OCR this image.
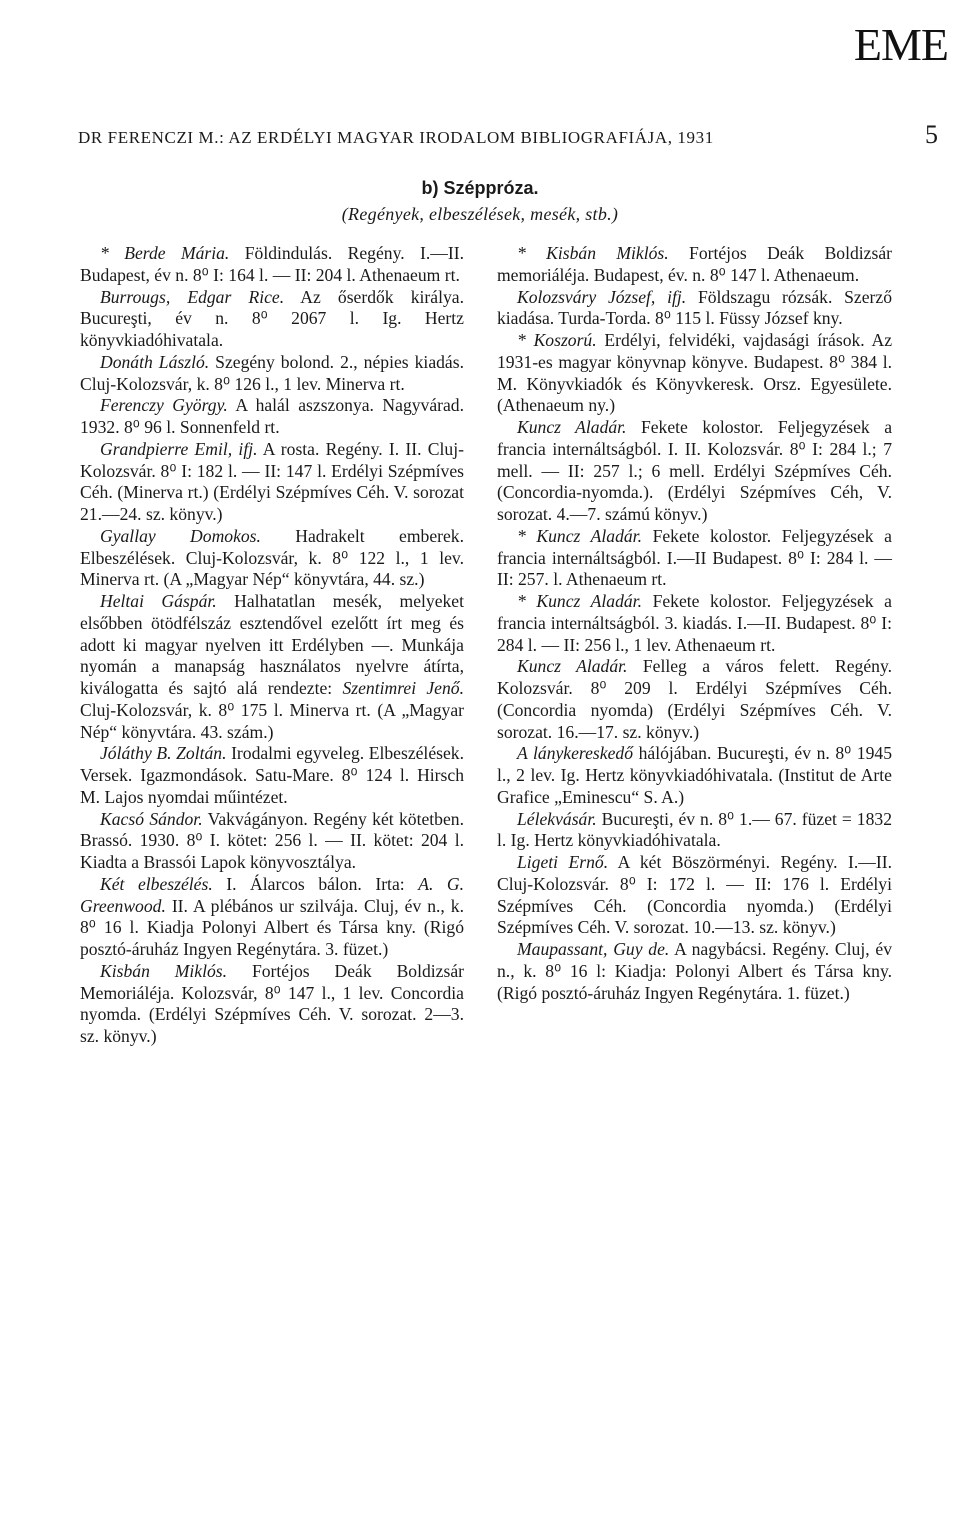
EME
DR FERENCZI M.: AZ ERDÉLYI MAGYAR IRODALOM BIBLIOGRAFIÁJA, 1931	5
b) Széppróza.
(Regények, elbeszélések, mesék, stb.)

* Berde Mária. Földindulás. Regény. I.—II. Budapest, év n. 8⁰ I: 164 l. — II: 204 l. Athenaeum rt.

Burrougs, Edgar Rice. Az őserdők királya. Bucureşti, év n. 8⁰ 2067 l. Ig. Hertz könyvkiadóhivatala.

Donáth László. Szegény bolond. 2., népies kiadás. Cluj-Kolozsvár, k. 8⁰ 126 l., 1 lev. Minerva rt.

Ferenczy György. A halál aszszonya. Nagyvárad. 1932. 8⁰ 96 l. Sonnenfeld rt.

Grandpierre Emil, ifj. A rosta. Regény. I. II. Cluj-Kolozsvár. 8⁰ I: 182 l. — II: 147 l. Erdélyi Szépmíves Céh. (Minerva rt.) (Erdélyi Szépmíves Céh. V. sorozat 21.—24. sz. könyv.)

Gyallay Domokos. Hadrakelt emberek. Elbeszélések. Cluj-Kolozsvár, k. 8⁰ 122 l., 1 lev. Minerva rt. (A „Magyar Nép“ könyvtára, 44. sz.)

Heltai Gáspár. Halhatatlan mesék, melyeket elsőbben ötödfélszáz esztendővel ezelőtt írt meg és adott ki magyar nyelven itt Erdélyben —. Munkája nyomán a manapság használatos nyelvre átírta, kiválogatta és sajtó alá rendezte: Szentimrei Jenő. Cluj-Kolozsvár, k. 8⁰ 175 l. Minerva rt. (A „Magyar Nép“ könyvtára. 43. szám.)

Jóláthy B. Zoltán. Irodalmi egyveleg. Elbeszélések. Versek. Igazmondások. Satu-Mare. 8⁰ 124 l. Hirsch M. Lajos nyomdai műintézet.

Kacsó Sándor. Vakvágányon. Regény két kötetben. Brassó. 1930. 8⁰ I. kötet: 256 l. — II. kötet: 204 l. Kiadta a Brassói Lapok könyvosztálya.

Két elbeszélés. I. Álarcos bálon. Irta: A. G. Greenwood. II. A plébános ur szilvája. Cluj, év n., k. 8⁰ 16 l. Kiadja Polonyi Albert és Társa kny. (Rigó posztó-áruház Ingyen Regénytára. 3. füzet.)

Kisbán Miklós. Fortéjos Deák Boldizsár Memoriáléja. Kolozsvár, 8⁰ 147 l., 1 lev. Concordia nyomda. (Erdélyi Szépmíves Céh. V. sorozat. 2—3. sz. könyv.)

* Kisbán Miklós. Fortéjos Deák Boldizsár memoriáléja. Budapest, év. n. 8⁰ 147 l. Athenaeum.

Kolozsváry József, ifj. Földszagu rózsák. Szerző kiadása. Turda-Torda. 8⁰ 115 l. Füssy József kny.

* Koszorú. Erdélyi, felvidéki, vajdasági írások. Az 1931-es magyar könyvnap könyve. Budapest. 8⁰ 384 l. M. Könyvkiadók és Könyvkeresk. Orsz. Egyesülete. (Athenaeum ny.)

Kuncz Aladár. Fekete kolostor. Feljegyzések a francia internáltságból. I. II. Kolozsvár. 8⁰ I: 284 l.; 7 mell. — II: 257 l.; 6 mell. Erdélyi Szépmíves Céh. (Concordia-nyomda.). (Erdélyi Szépmíves Céh, V. sorozat. 4.—7. számú könyv.)

* Kuncz Aladár. Fekete kolostor. Feljegyzések a francia internáltságból. I.—II Budapest. 8⁰ I: 284 l. — II: 257. l. Athenaeum rt.

* Kuncz Aladár. Fekete kolostor. Feljegyzések a francia internáltságból. 3. kiadás. I.—II. Budapest. 8⁰ I: 284 l. — II: 256 l., 1 lev. Athenaeum rt.

Kuncz Aladár. Felleg a város felett. Regény. Kolozsvár. 8⁰ 209 l. Erdélyi Szépmíves Céh. (Concordia nyomda) (Erdélyi Szépmíves Céh. V. sorozat. 16.—17. sz. könyv.)

A lánykereskedő hálójában. Bucureşti, év n. 8⁰ 1945 l., 2 lev. Ig. Hertz könyvkiadóhivatala. (Institut de Arte Grafice „Eminescu“ S. A.)

Lélekvásár. Bucureşti, év n. 8⁰ 1.— 67. füzet = 1832 l. Ig. Hertz könyvkiadóhivatala.

Ligeti Ernő. A két Böszörményi. Regény. I.—II. Cluj-Kolozsvár. 8⁰ I: 172 l. — II: 176 l. Erdélyi Szépmíves Céh. (Concordia nyomda.) (Erdélyi Szépmíves Céh. V. sorozat. 10.—13. sz. könyv.)

Maupassant, Guy de. A nagybácsi. Regény. Cluj, év n., k. 8⁰ 16 l: Kiadja: Polonyi Albert és Társa kny. (Rigó posztó-áruház Ingyen Regénytára. 1. füzet.)
